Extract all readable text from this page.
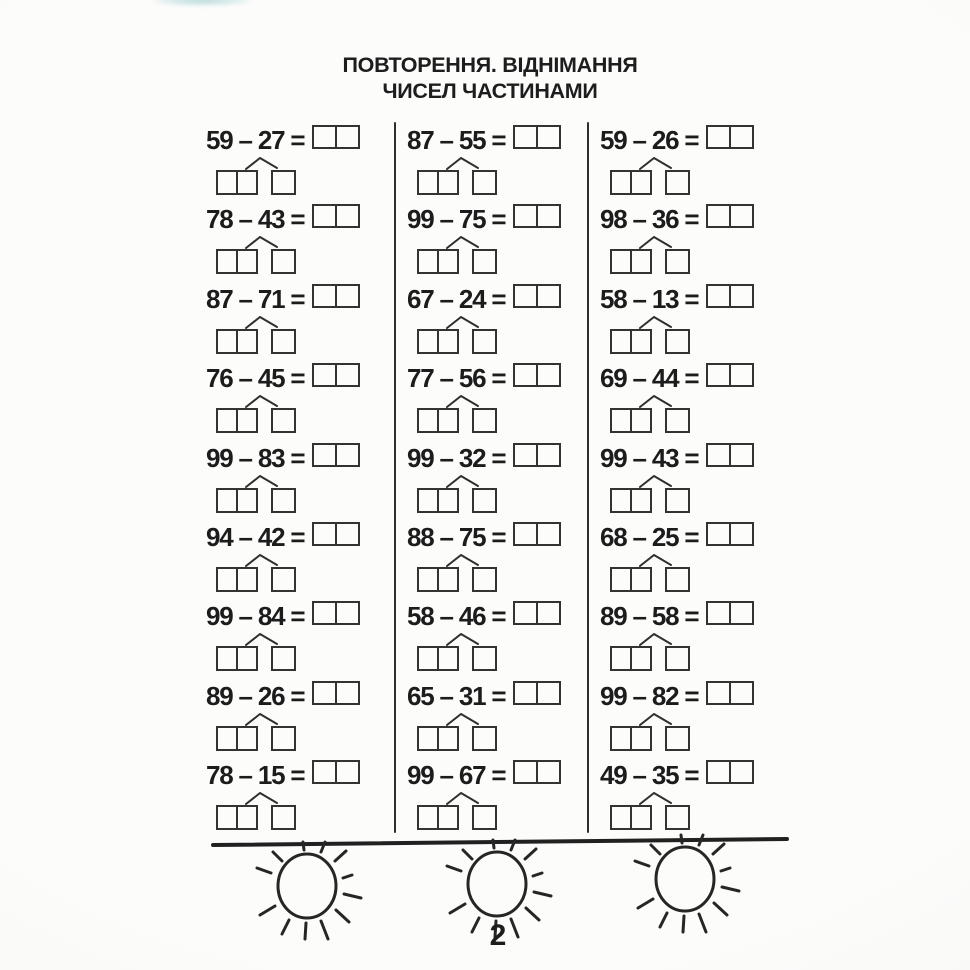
ПОВТОРЕННЯ. ВІДНІМАННЯ
ЧИСЕЛ ЧАСТИНАМИ
59 – 27 =

78 – 43 =

87 – 71 =

76 – 45 =

99 – 83 =

94 – 42 =

99 – 84 =

89 – 26 =

78 – 15 =

87 – 55 =

99 – 75 =

67 – 24 =

77 – 56 =

99 – 32 =

88 – 75 =

58 – 46 =

65 – 31 =

99 – 67 =

59 – 26 =

98 – 36 =

58 – 13 =

69 – 44 =

99 – 43 =

68 – 25 =

89 – 58 =

99 – 82 =

49 – 35 =

2
